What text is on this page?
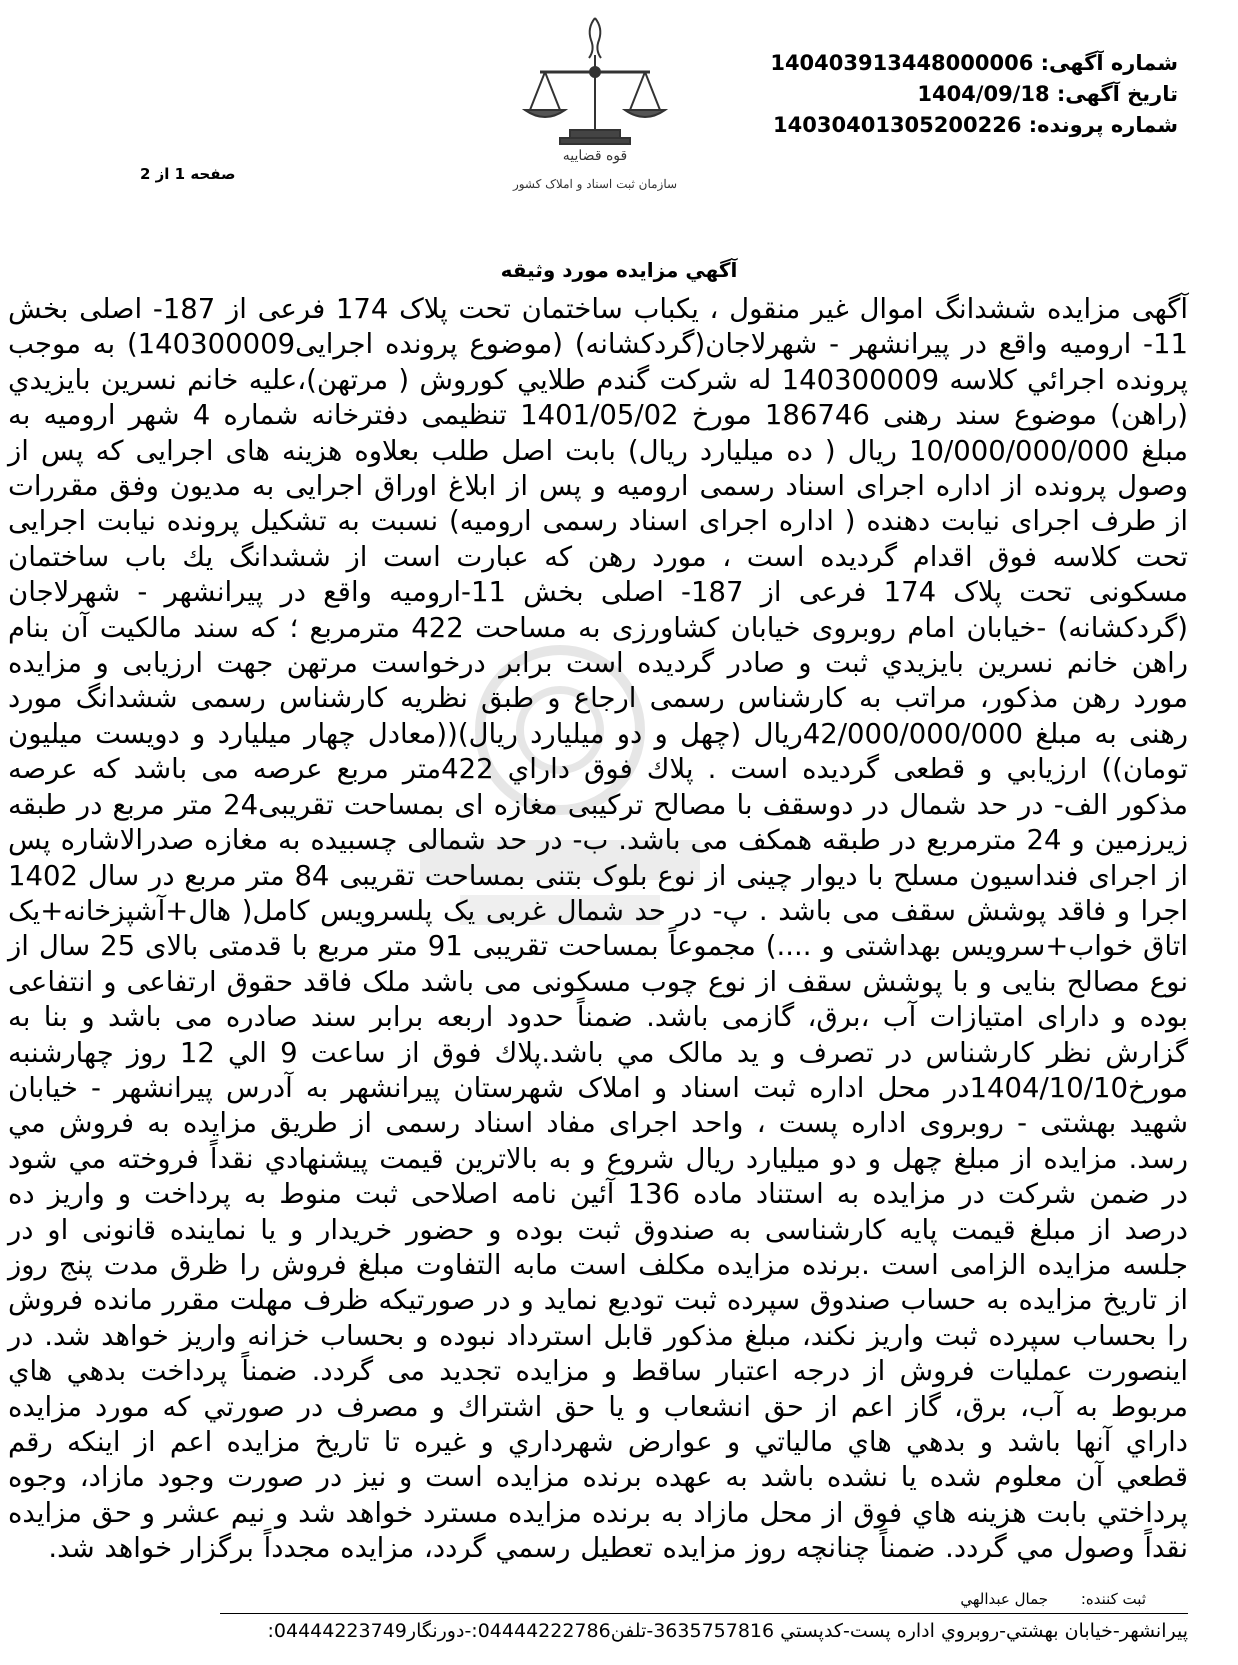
قوه قضاییه
سازمان ثبت اسناد و املاک کشور
شماره آگهی: 140403913448000006
تاریخ آگهی: 1404/09/18
شماره پرونده: 14030401305200226
صفحه 1 از 2
آگهي مزايده مورد وثيقه
آگهی مزایده ششدانگ اموال غیر منقول ، یکباب ساختمان تحت پلاک 174 فرعی از 187- اصلی بخش 11- ارومیه واقع در پیرانشهر - شهرلاجان(گردکشانه) (موضوع پرونده اجرایی140300009) به موجب پرونده اجرائي كلاسه 140300009 له شرکت گندم طلايي كوروش ( مرتهن)،علیه خانم نسرين بايزيدي (راهن) موضوع سند رهنی 186746 مورخ 1401/05/02 تنظیمی دفترخانه شماره 4 شهر ارومیه به مبلغ 10/000/000/000 ریال ( ده میلیارد ریال) بابت اصل طلب بعلاوه هزینه های اجرایی که پس از وصول پرونده از اداره اجرای اسناد رسمی ارومیه و پس از ابلاغ اوراق اجرایی به مدیون وفق مقررات از طرف اجرای نیابت دهنده ( اداره اجرای اسناد رسمی ارومیه) نسبت به تشکیل پرونده نیابت اجرایی تحت کلاسه فوق اقدام گردیده است ، مورد رهن که عبارت است از ششدانگ یك باب ساختمان مسکونی تحت پلاک 174 فرعی از 187- اصلی بخش 11-ارومیه واقع در پیرانشهر - شهرلاجان (گردکشانه) -خیابان امام روبروی خیابان کشاورزی به مساحت 422 مترمربع ؛ که سند مالکیت آن بنام راهن خانم نسرين بايزيدي ثبت و صادر گردیده است برابر درخواست مرتهن جهت ارزیابی و مزایده مورد رهن مذکور، مراتب به کارشناس رسمی ارجاع و طبق نظریه کارشناس رسمی ششدانگ مورد رهنی به مبلغ 42/000/000/000ریال (چهل و دو میلیارد ریال)((معادل چهار میلیارد و دویست میلیون تومان)) ارزيابي و قطعی گردیده است . پلاك فوق داراي 422متر مربع عرصه می باشد که عرصه مذکور الف- در حد شمال در دوسقف با مصالح ترکیبی مغازه ای بمساحت تقریبی24 متر مربع در طبقه زیرزمین و 24 مترمربع در طبقه همکف می باشد. ب- در حد شمالی چسبیده به مغازه صدرالاشاره پس از اجرای فنداسیون مسلح با دیوار چینی از نوع بلوک بتنی بمساحت تقریبی 84 متر مربع در سال 1402 اجرا و فاقد پوشش سقف می باشد . پ- در حد شمال غربی یک پلسرویس کامل( هال+آشپزخانه+یک اتاق خواب+سرویس بهداشتی و ....) مجموعاً بمساحت تقریبی 91 متر مربع با قدمتی بالای 25 سال از نوع مصالح بنایی و با پوشش سقف از نوع چوب مسکونی می باشد ملک فاقد حقوق ارتفاعی و انتفاعی بوده و دارای امتیازات آب ،برق، گازمی باشد. ضمناً حدود اربعه برابر سند صادره می باشد و بنا به گزارش نظر کارشناس در تصرف و ید مالک مي باشد.پلاك فوق از ساعت 9 الي 12 روز چهارشنبه مورخ1404/10/10در محل اداره ثبت اسناد و املاک شهرستان پیرانشهر به آدرس پیرانشهر - خیابان شهید بهشتی - روبروی اداره پست ، واحد اجرای مفاد اسناد رسمی از طريق مزايده به فروش مي رسد. مزايده از مبلغ چهل و دو میلیارد ريال شروع و به بالاترين قيمت پيشنهادي نقداً فروخته مي شود در ضمن شرکت در مزايده به استناد ماده 136 آئین نامه اصلاحی ثبت منوط به پرداخت و واریز ده درصد از مبلغ قیمت پایه کارشناسی به صندوق ثبت بوده و حضور خریدار و یا نماینده قانونی او در جلسه مزایده الزامی است .برنده مزایده مکلف است مابه التفاوت مبلغ فروش را ظرق مدت پنج روز از تاریخ مزایده به حساب صندوق سپرده ثبت تودیع نماید و در صورتیکه ظرف مهلت مقرر مانده فروش را بحساب سپرده ثبت واریز نکند، مبلغ مذکور قابل استرداد نبوده و بحساب خزانه واریز خواهد شد. در اینصورت عملیات فروش از درجه اعتبار ساقط و مزایده تجدید می گردد. ضمناً پرداخت بدهي هاي مربوط به آب، برق، گاز اعم از حق انشعاب و يا حق اشتراك و مصرف در صورتي كه مورد مزايده داراي آنها باشد و بدهي هاي مالياتي و عوارض شهرداري و غيره تا تاريخ مزايده اعم از اينكه رقم قطعي آن معلوم شده يا نشده باشد به عهده برنده مزايده است و نيز در صورت وجود مازاد، وجوه پرداختي بابت هزينه هاي فوق از محل مازاد به برنده مزايده مسترد خواهد شد و نيم عشر و حق مزايده نقداً وصول مي گردد. ضمناً چنانچه روز مزايده تعطيل رسمي گردد، مزايده مجدداً برگزار خواهد شد.
ثبت کننده: جمال عبدالهي
پیرانشهر-خیابان بهشتي-روبروي اداره پست-کدپستي 3635757816-تلفن04444222786:-دورنگار04444223749:
